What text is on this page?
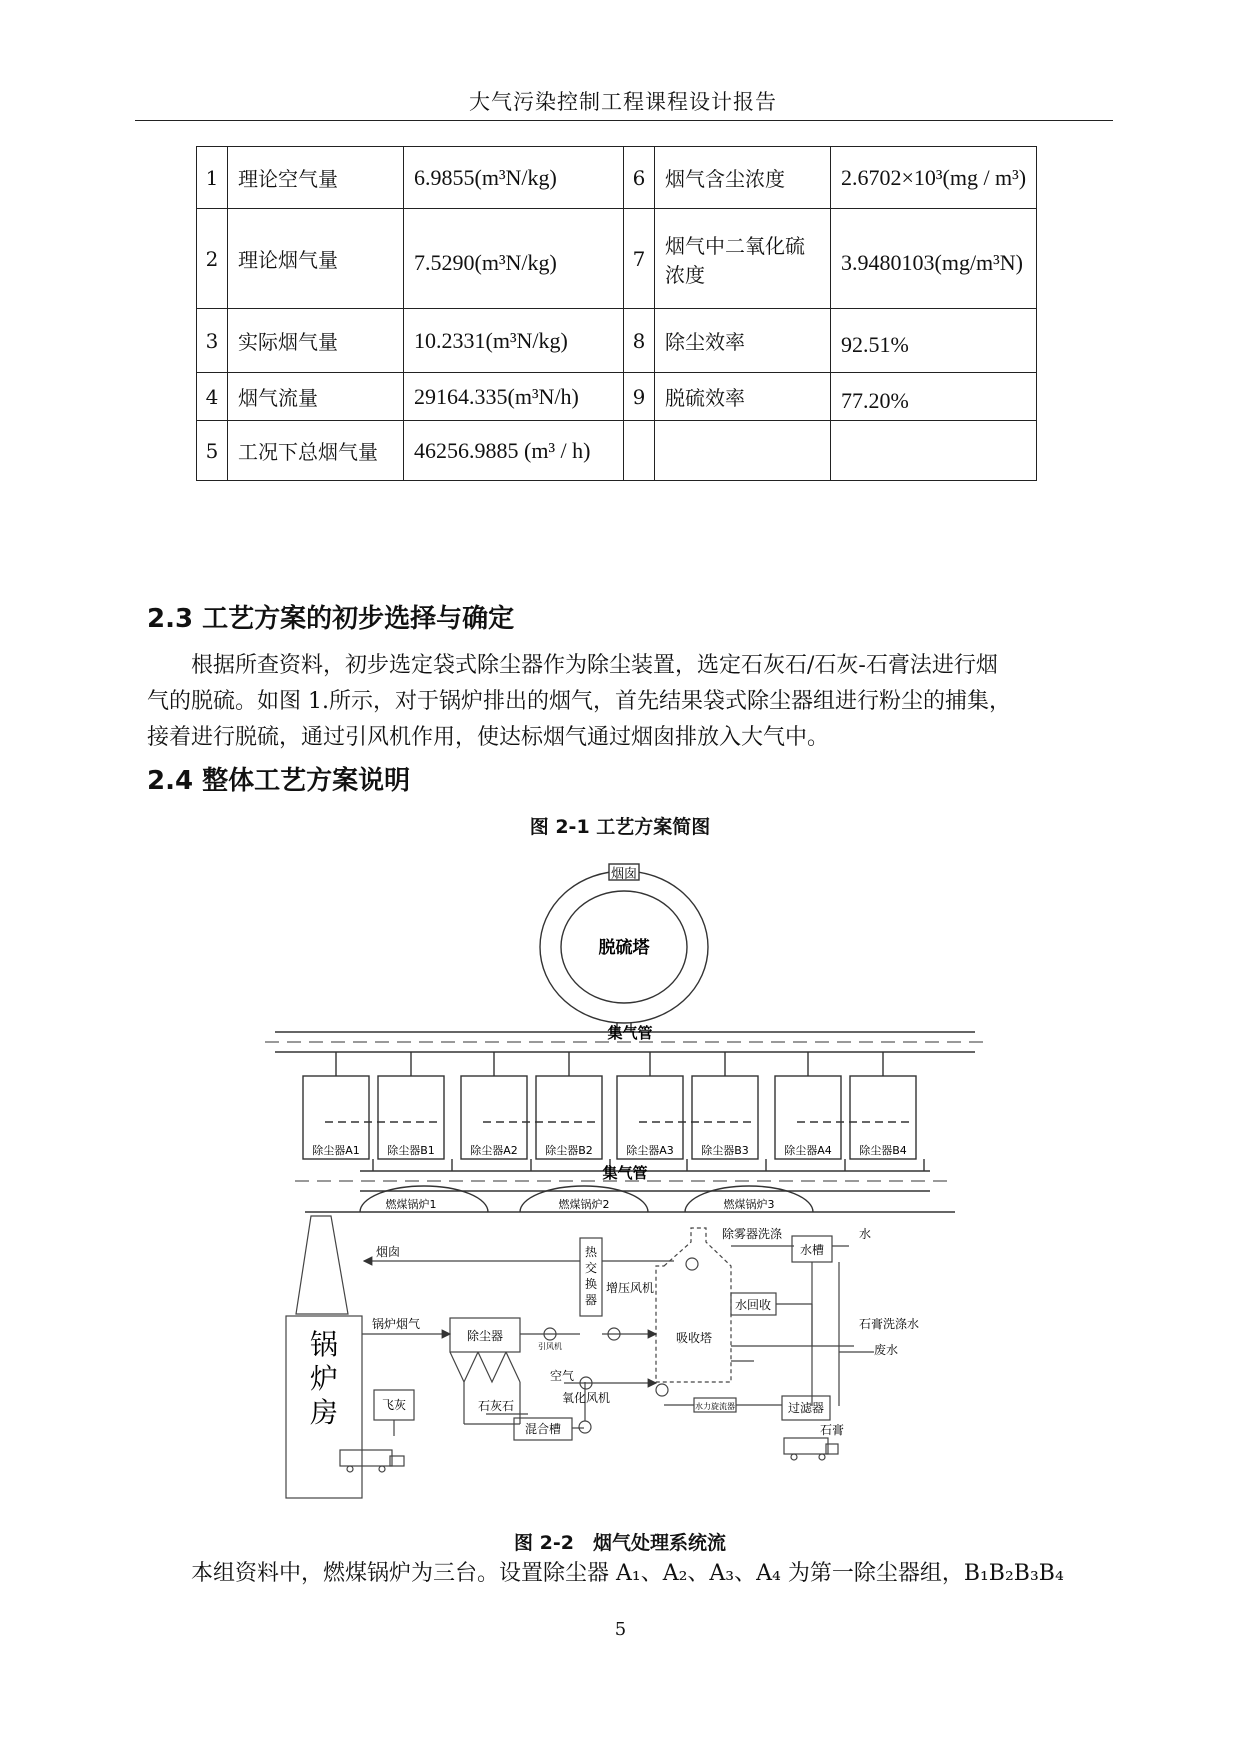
大气污染控制工程课程设计报告
1	理论空气量	6.9855(m³N/kg)	6	烟气含尘浓度	2.6702×10³(mg / m³)
2	理论烟气量	7.5290(m³N/kg)	7	烟气中二氧化硫浓度	3.9480103(mg/m³N)
3	实际烟气量	10.2331(m³N/kg)	8	除尘效率	92.51%
4	烟气流量	29164.335(m³N/h)	9	脱硫效率	77.20%
5	工况下总烟气量	46256.9885 (m³ / h)			
2.3 工艺方案的初步选择与确定
　　根据所查资料，初步选定袋式除尘器作为除尘装置，选定石灰石/石灰-石膏法进行烟
气的脱硫。如图 1.所示，对于锅炉排出的烟气，首先结果袋式除尘器组进行粉尘的捕集，
接着进行脱硫，通过引风机作用，使达标烟气通过烟囱排放入大气中。
2.4 整体工艺方案说明
图 2-1 工艺方案简图
烟囱
脱硫塔
集气管
集气管
除尘器A1 除尘器B1	除尘器A2 除尘器B2	除尘器A3 除尘器B3	除尘器A4 除尘器B4
燃煤锅炉1	燃煤锅炉2	燃煤锅炉3
锅
炉
房
烟囱	热
交
换
器
增压风机
除雾器洗涤	水
水槽
锅炉烟气
除尘器	吸收塔
水回收
石膏洗涤水
空气
氧化风机
废水
飞灰	石灰石	过滤器
石膏
混合槽
引风机
水力旋流器
图 2-2　烟气处理系统流
　　本组资料中，燃煤锅炉为三台。设置除尘器 A₁、A₂、A₃、A₄ 为第一除尘器组，B₁B₂B₃B₄
5
